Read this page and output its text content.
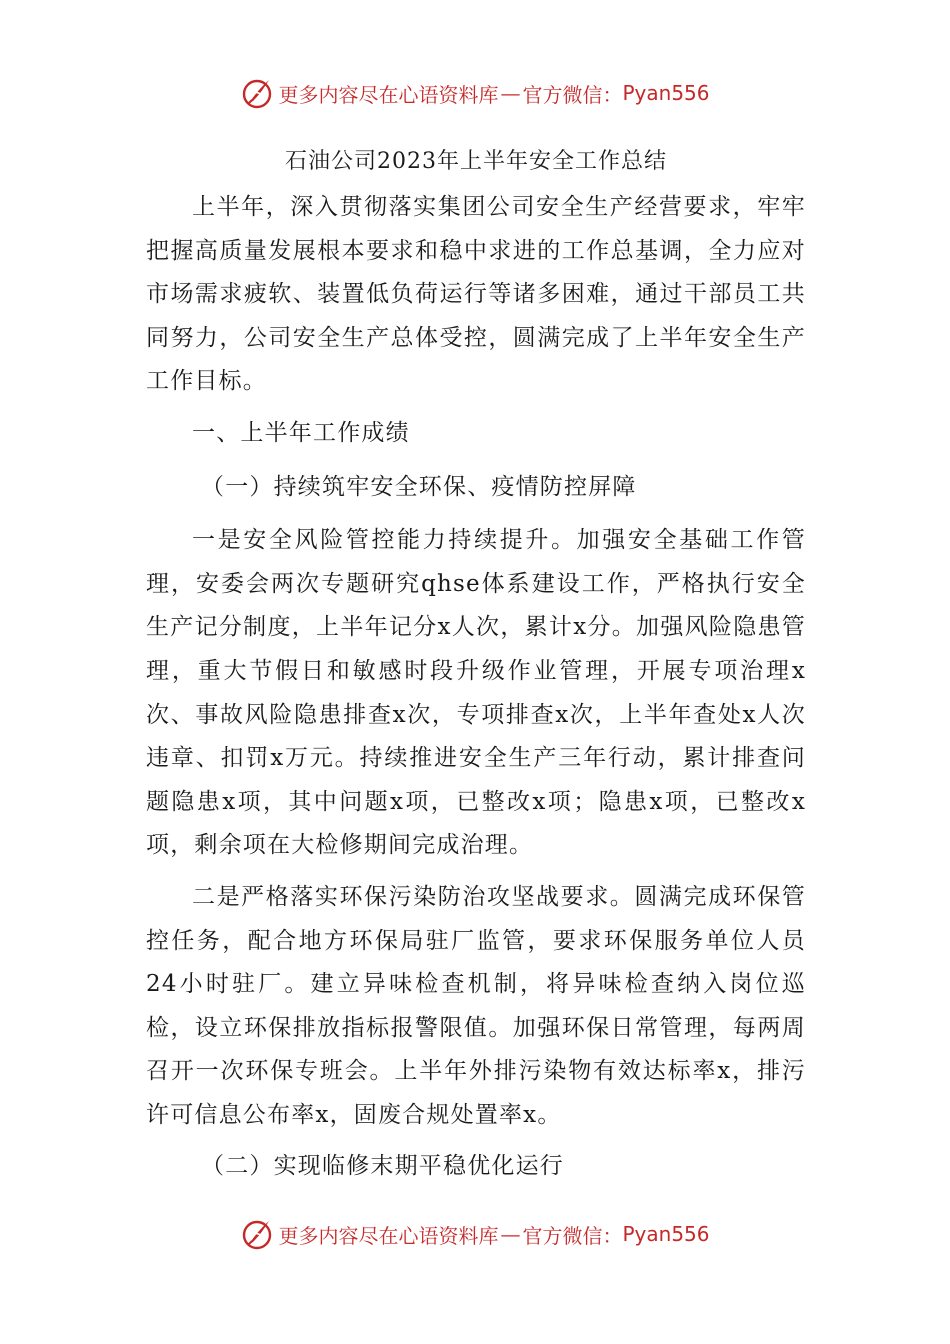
更多内容尽在心语资料库 — 官方微信： Pyan556
石油公司2023年上半年安全工作总结

上半年，深入贯彻落实集团公司安全生产经营要求，牢牢把握高质量发展根本要求和稳中求进的工作总基调，全力应对市场需求疲软、装置低负荷运行等诸多困难，通过干部员工共同努力，公司安全生产总体受控，圆满完成了上半年安全生产工作目标。

一、上半年工作成绩
（一）持续筑牢安全环保、疫情防控屏障

一是安全风险管控能力持续提升。加强安全基础工作管理，安委会两次专题研究qhse体系建设工作，严格执行安全生产记分制度，上半年记分x人次，累计x分。加强风险隐患管理，重大节假日和敏感时段升级作业管理，开展专项治理x次、事故风险隐患排查x次，专项排查x次，上半年查处x人次违章、扣罚x万元。持续推进安全生产三年行动，累计排查问题隐患x项，其中问题x项，已整改x项；隐患x项，已整改x项，剩余项在大检修期间完成治理。

二是严格落实环保污染防治攻坚战要求。圆满完成环保管控任务，配合地方环保局驻厂监管，要求环保服务单位人员24小时驻厂。建立异味检查机制，将异味检查纳入岗位巡检，设立环保排放指标报警限值。加强环保日常管理，每两周召开一次环保专班会。上半年外排污染物有效达标率x，排污许可信息公布率x，固废合规处置率x。

（二）实现临修末期平稳优化运行
更多内容尽在心语资料库 — 官方微信： Pyan556
